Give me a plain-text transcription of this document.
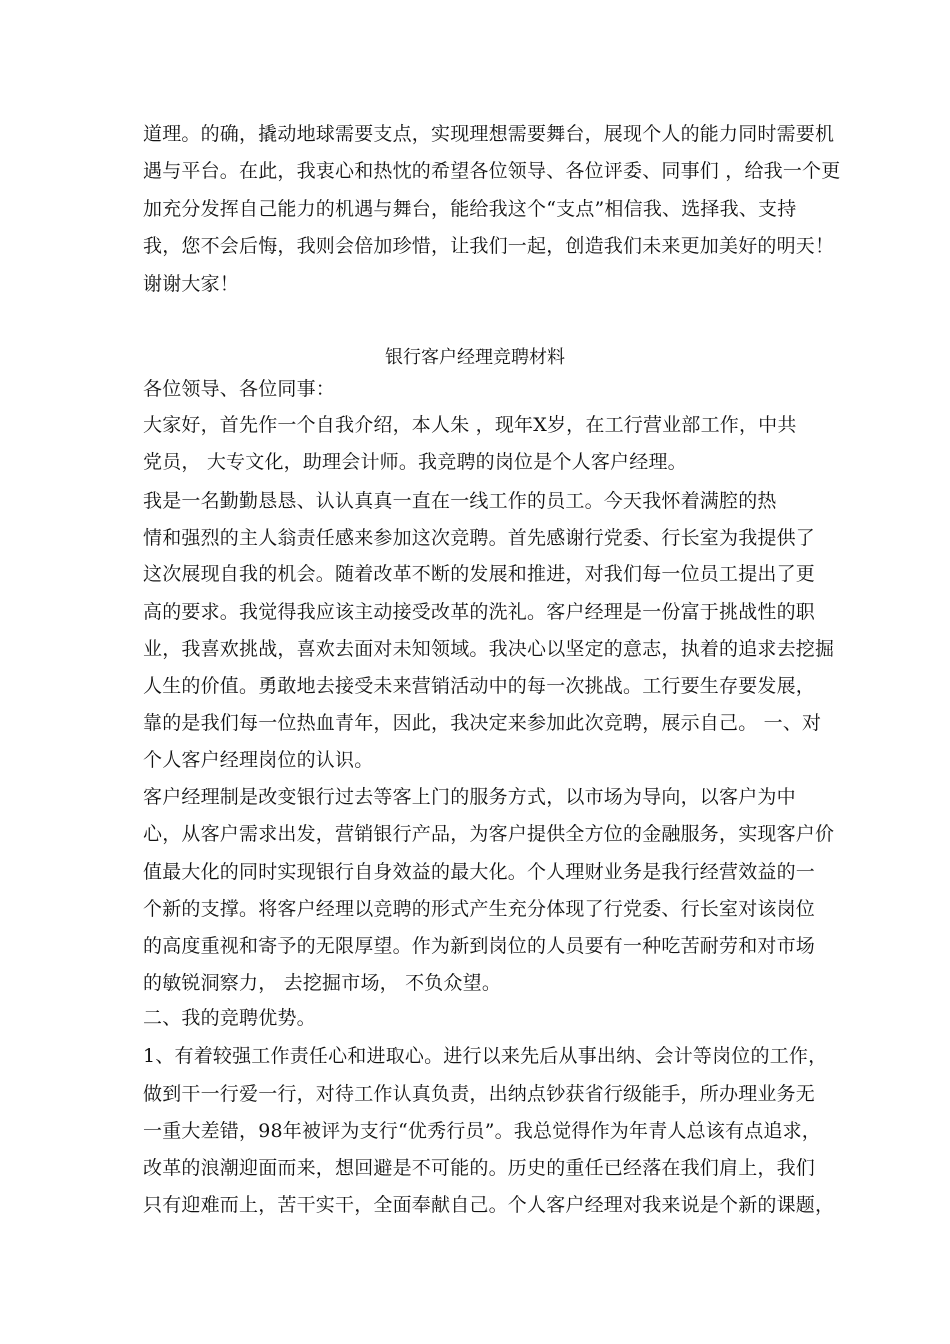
道理。的确，撬动地球需要支点，实现理想需要舞台，展现个人的能力同时需要机
遇与平台。在此，我衷心和热忱的希望各位领导、各位评委、同事们 ，给我一个更
加充分发挥自己能力的机遇与舞台，能给我这个“支点”相信我、选择我、支持
我，您不会后悔，我则会倍加珍惜，让我们一起，创造我们未来更加美好的明天！
谢谢大家！
银行客户经理竞聘材料
各位领导、各位同事：
大家好，首先作一个自我介绍，本人朱 ，现年X岁，在工行营业部工作，中共
党员， 大专文化，助理会计师。我竞聘的岗位是个人客户经理。
我是一名勤勤恳恳、认认真真一直在一线工作的员工。今天我怀着满腔的热
情和强烈的主人翁责任感来参加这次竞聘。首先感谢行党委、行长室为我提供了
这次展现自我的机会。随着改革不断的发展和推进，对我们每一位员工提出了更
高的要求。我觉得我应该主动接受改革的洗礼。客户经理是一份富于挑战性的职
业，我喜欢挑战，喜欢去面对未知领域。我决心以坚定的意志，执着的追求去挖掘
人生的价值。勇敢地去接受未来营销活动中的每一次挑战。工行要生存要发展，
靠的是我们每一位热血青年，因此，我决定来参加此次竞聘，展示自己。 一、对
个人客户经理岗位的认识。
客户经理制是改变银行过去等客上门的服务方式，以市场为导向，以客户为中
心，从客户需求出发，营销银行产品，为客户提供全方位的金融服务，实现客户价
值最大化的同时实现银行自身效益的最大化。个人理财业务是我行经营效益的一
个新的支撑。将客户经理以竞聘的形式产生充分体现了行党委、行长室对该岗位
的高度重视和寄予的无限厚望。作为新到岗位的人员要有一种吃苦耐劳和对市场
的敏锐洞察力， 去挖掘市场， 不负众望。
二、我的竞聘优势。
1、有着较强工作责任心和进取心。进行以来先后从事出纳、会计等岗位的工作，
做到干一行爱一行，对待工作认真负责，出纳点钞获省行级能手，所办理业务无
一重大差错，98年被评为支行“优秀行员”。我总觉得作为年青人总该有点追求，
改革的浪潮迎面而来，想回避是不可能的。历史的重任已经落在我们肩上，我们
只有迎难而上，苦干实干，全面奉献自己。个人客户经理对我来说是个新的课题，
